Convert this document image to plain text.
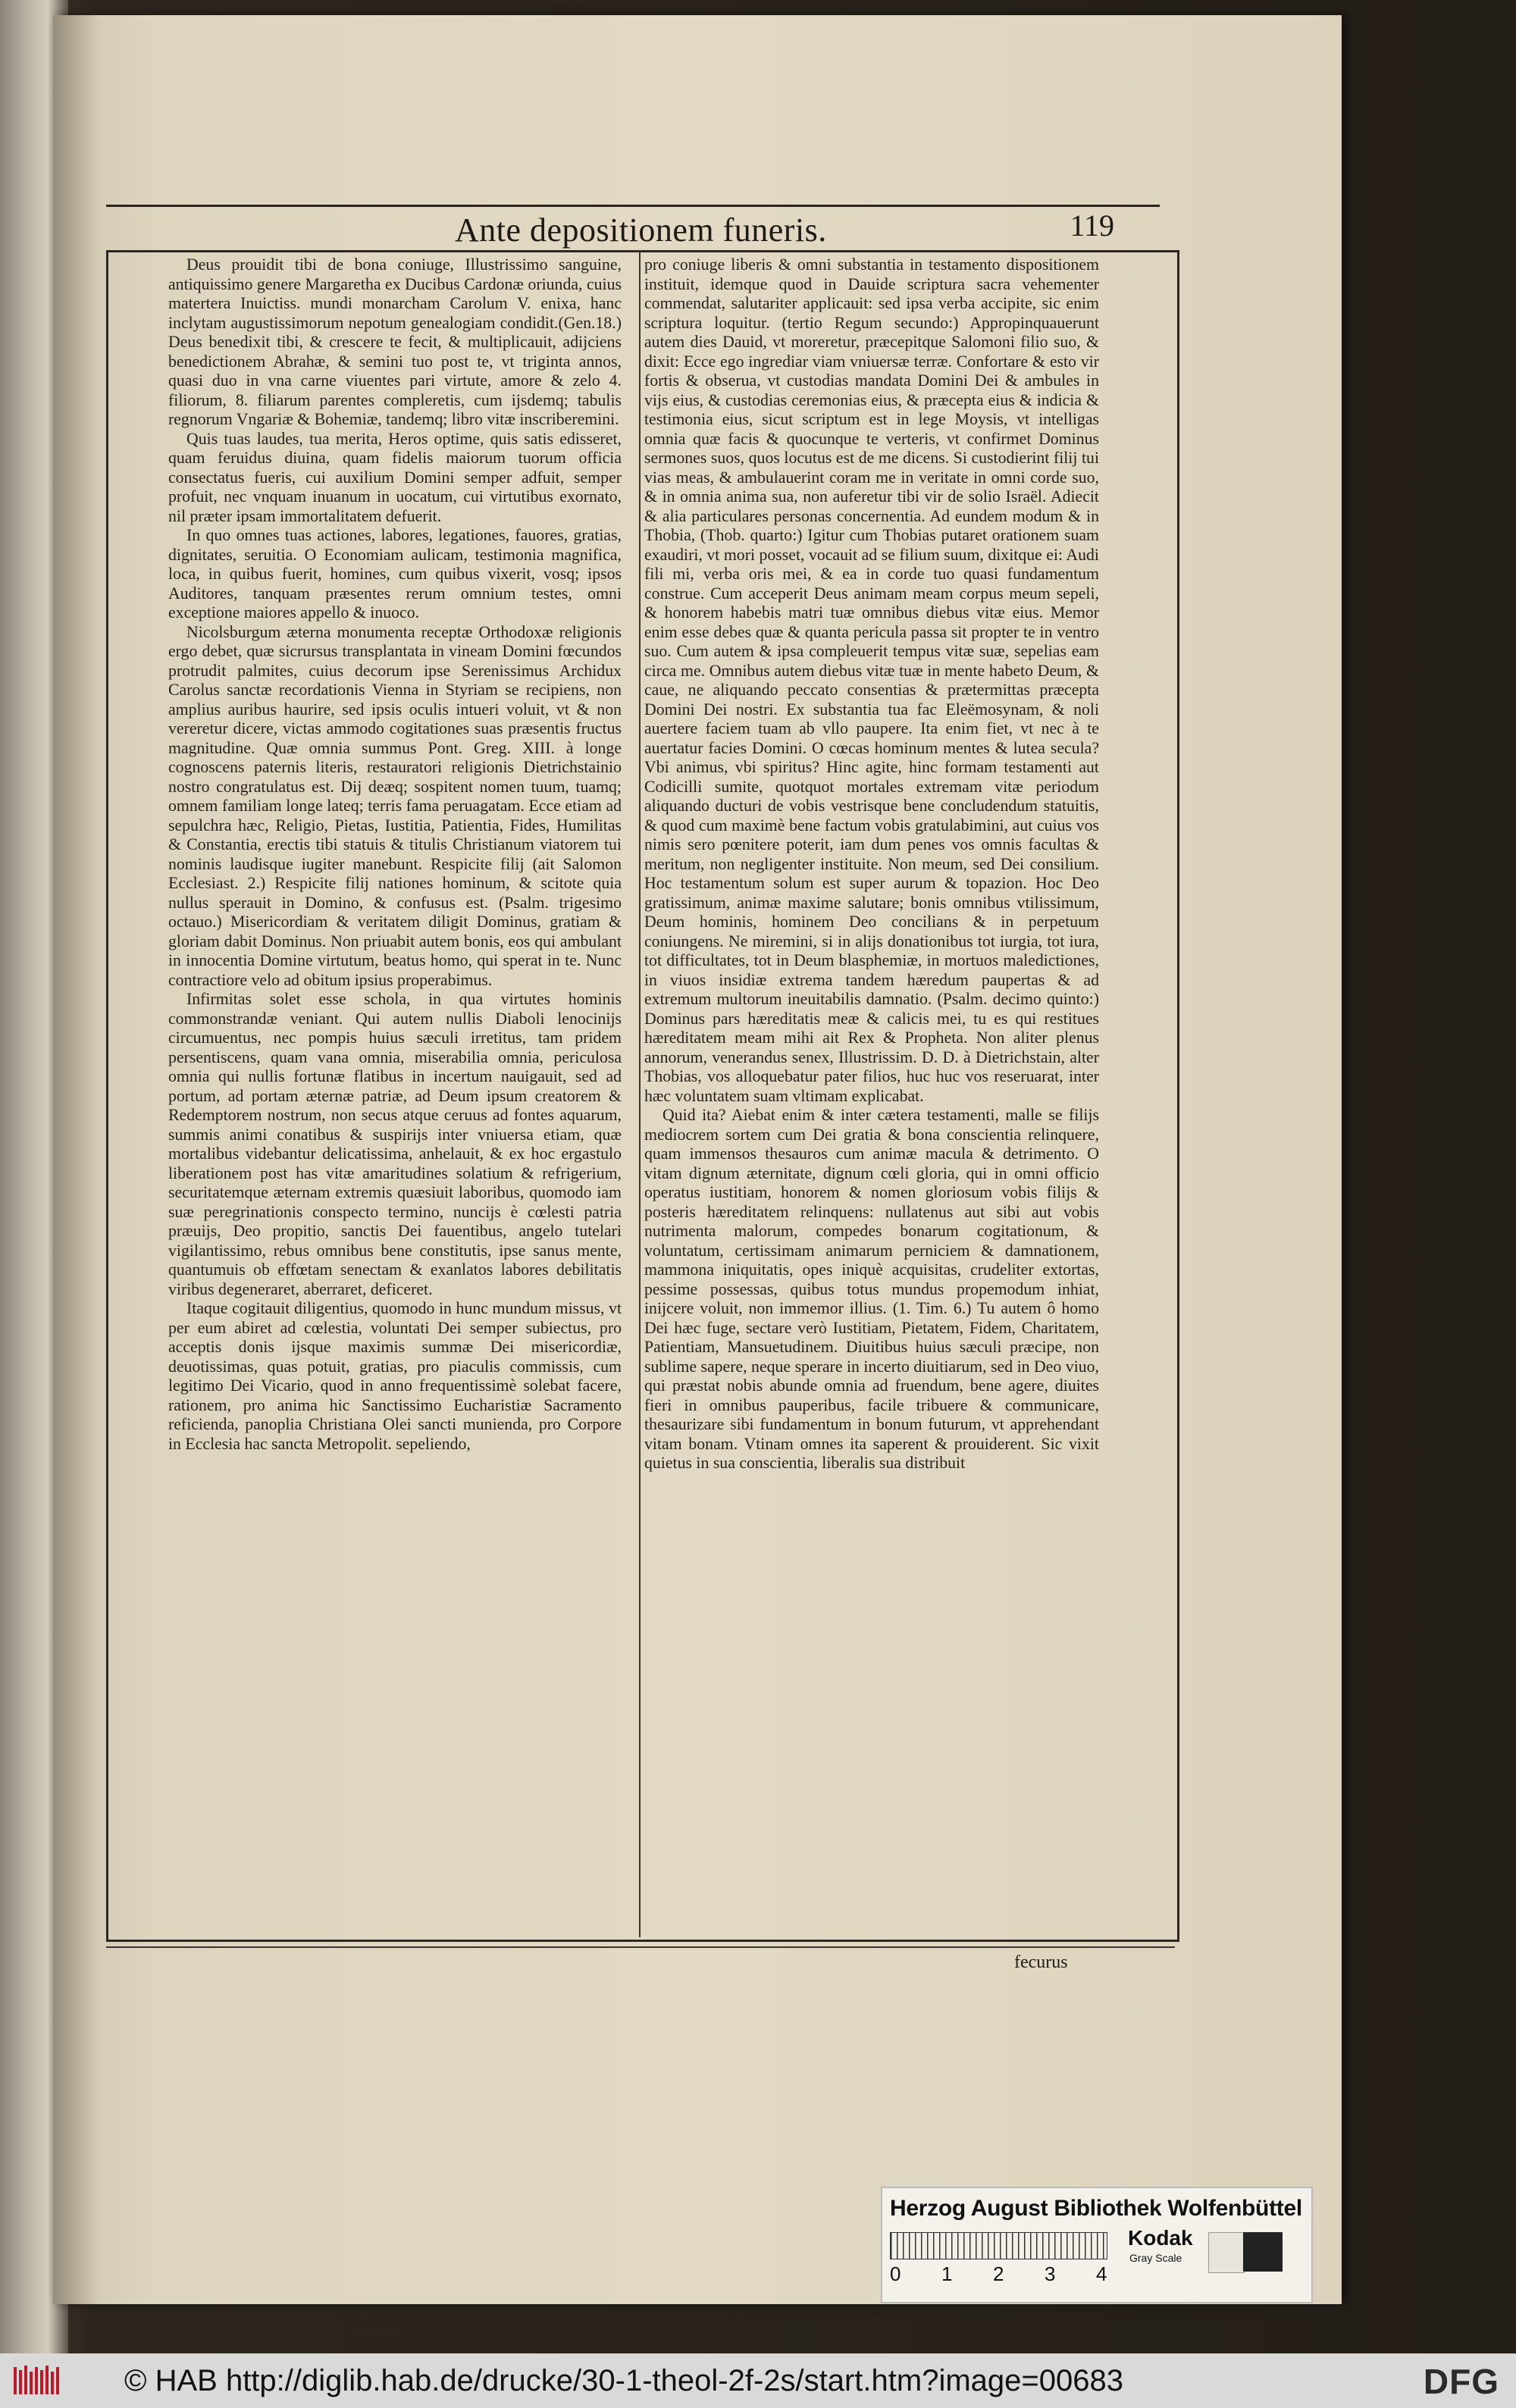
Ante depositionem funeris.	119

Deus prouidit tibi de bona coniuge, Illustrissimo sanguine, antiquissimo genere Margaretha ex Ducibus Cardonæ oriunda, cuius matertera Inuictiss. mundi monarcham Carolum V. enixa, hanc inclytam augustissimorum nepotum genealogiam condidit.(Gen.18.) Deus benedixit tibi, & crescere te fecit, & multiplicauit, adijciens benedictionem Abrahæ, & semini tuo post te, vt triginta annos, quasi duo in vna carne viuentes pari virtute, amore & zelo 4. filiorum, 8. filiarum parentes compleretis, cum ijsdemq; tabulis regnorum Vngariæ & Bohemiæ, tandemq; libro vitæ inscriberemini.

Quis tuas laudes, tua merita, Heros optime, quis satis edisseret, quam feruidus diuina, quam fidelis maiorum tuorum officia consectatus fueris, cui auxilium Domini semper adfuit, semper profuit, nec vnquam inuanum in uocatum, cui virtutibus exornato, nil præter ipsam immortalitatem defuerit.

In quo omnes tuas actiones, labores, legationes, fauores, gratias, dignitates, seruitia. O Economiam aulicam, testimonia magnifica, loca, in quibus fuerit, homines, cum quibus vixerit, vosq; ipsos Auditores, tanquam præsentes rerum omnium testes, omni exceptione maiores appello & inuoco.

Nicolsburgum æterna monumenta receptæ Orthodoxæ religionis ergo debet, quæ sicrursus transplantata in vineam Domini fœcundos protrudit palmites, cuius decorum ipse Serenissimus Archidux Carolus sanctæ recordationis Vienna in Styriam se recipiens, non amplius auribus haurire, sed ipsis oculis intueri voluit, vt & non vereretur dicere, victas ammodo cogitationes suas præsentis fructus magnitudine. Quæ omnia summus Pont. Greg. XIII. à longe cognoscens paternis literis, restauratori religionis Dietrichstainio nostro congratulatus est. Dij deæq; sospitent nomen tuum, tuamq; omnem familiam longe lateq; terris fama peruagatam. Ecce etiam ad sepulchra hæc, Religio, Pietas, Iustitia, Patientia, Fides, Humilitas & Constantia, erectis tibi statuis & titulis Christianum viatorem tui nominis laudisque iugiter manebunt. Respicite filij (ait Salomon Ecclesiast. 2.) Respicite filij nationes hominum, & scitote quia nullus sperauit in Domino, & confusus est. (Psalm. trigesimo octauo.) Misericordiam & veritatem diligit Dominus, gratiam & gloriam dabit Dominus. Non priuabit autem bonis, eos qui ambulant in innocentia Domine virtutum, beatus homo, qui sperat in te. Nunc contractiore velo ad obitum ipsius properabimus.

Infirmitas solet esse schola, in qua virtutes hominis commonstrandæ veniant. Qui autem nullis Diaboli lenocinijs circumuentus, nec pompis huius sæculi irretitus, tam pridem persentiscens, quam vana omnia, miserabilia omnia, periculosa omnia qui nullis fortunæ flatibus in incertum nauigauit, sed ad portum, ad portam æternæ patriæ, ad Deum ipsum creatorem & Redemptorem nostrum, non secus atque ceruus ad fontes aquarum, summis animi conatibus & suspirijs inter vniuersa etiam, quæ mortalibus videbantur delicatissima, anhelauit, & ex hoc ergastulo liberationem post has vitæ amaritudines solatium & refrigerium, securitatemque æternam extremis quæsiuit laboribus, quomodo iam suæ peregrinationis conspecto termino, nuncijs è cœlesti patria præuijs, Deo propitio, sanctis Dei fauentibus, angelo tutelari vigilantissimo, rebus omnibus bene constitutis, ipse sanus mente, quantumuis ob effœtam senectam & exanlatos labores debilitatis viribus degeneraret, aberraret, deficeret.

Itaque cogitauit diligentius, quomodo in hunc mundum missus, vt per eum abiret ad cœlestia, voluntati Dei semper subiectus, pro acceptis donis ijsque maximis summæ Dei misericordiæ, deuotissimas, quas potuit, gratias, pro piaculis commissis, cum legitimo Dei Vicario, quod in anno frequentissimè solebat facere, rationem, pro anima hic Sanctissimo Eucharistiæ Sacramento reficienda, panoplia Christiana Olei sancti munienda, pro Corpore in Ecclesia hac sancta Metropolit. sepeliendo,

pro coniuge liberis & omni substantia in testamento dispositionem instituit, idemque quod in Dauide scriptura sacra vehementer commendat, salutariter applicauit: sed ipsa verba accipite, sic enim scriptura loquitur. (tertio Regum secundo:) Appropinquauerunt autem dies Dauid, vt moreretur, præcepitque Salomoni filio suo, & dixit: Ecce ego ingrediar viam vniuersæ terræ. Confortare & esto vir fortis & obserua, vt custodias mandata Domini Dei & ambules in vijs eius, & custodias ceremonias eius, & præcepta eius & indicia & testimonia eius, sicut scriptum est in lege Moysis, vt intelligas omnia quæ facis & quocunque te verteris, vt confirmet Dominus sermones suos, quos locutus est de me dicens. Si custodierint filij tui vias meas, & ambulauerint coram me in veritate in omni corde suo, & in omnia anima sua, non auferetur tibi vir de solio Israël. Adiecit & alia particulares personas concernentia. Ad eundem modum & in Thobia, (Thob. quarto:) Igitur cum Thobias putaret orationem suam exaudiri, vt mori posset, vocauit ad se filium suum, dixitque ei: Audi fili mi, verba oris mei, & ea in corde tuo quasi fundamentum construe. Cum acceperit Deus animam meam corpus meum sepeli, & honorem habebis matri tuæ omnibus diebus vitæ eius. Memor enim esse debes quæ & quanta pericula passa sit propter te in ventro suo. Cum autem & ipsa compleuerit tempus vitæ suæ, sepelias eam circa me. Omnibus autem diebus vitæ tuæ in mente habeto Deum, & caue, ne aliquando peccato consentias & prætermittas præcepta Domini Dei nostri. Ex substantia tua fac Eleëmosynam, & noli auertere faciem tuam ab vllo paupere. Ita enim fiet, vt nec à te auertatur facies Domini. O cœcas hominum mentes & lutea secula? Vbi animus, vbi spiritus? Hinc agite, hinc formam testamenti aut Codicilli sumite, quotquot mortales extremam vitæ periodum aliquando ducturi de vobis vestrisque bene concludendum statuitis, & quod cum maximè bene factum vobis gratulabimini, aut cuius vos nimis sero pœnitere poterit, iam dum penes vos omnis facultas & meritum, non negligenter instituite. Non meum, sed Dei consilium. Hoc testamentum solum est super aurum & topazion. Hoc Deo gratissimum, animæ maxime salutare; bonis omnibus vtilissimum, Deum hominis, hominem Deo concilians & in perpetuum coniungens. Ne miremini, si in alijs donationibus tot iurgia, tot iura, tot difficultates, tot in Deum blasphemiæ, in mortuos maledictiones, in viuos insidiæ extrema tandem hæredum paupertas & ad extremum multorum ineuitabilis damnatio. (Psalm. decimo quinto:) Dominus pars hæreditatis meæ & calicis mei, tu es qui restitues hæreditatem meam mihi ait Rex & Propheta. Non aliter plenus annorum, venerandus senex, Illustrissim. D. D. à Dietrichstain, alter Thobias, vos alloquebatur pater filios, huc huc vos reseruarat, inter hæc voluntatem suam vltimam explicabat.

Quid ita? Aiebat enim & inter cætera testamenti, malle se filijs mediocrem sortem cum Dei gratia & bona conscientia relinquere, quam immensos thesauros cum animæ macula & detrimento. O vitam dignum æternitate, dignum cœli gloria, qui in omni officio operatus iustitiam, honorem & nomen gloriosum vobis filijs & posteris hæreditatem relinquens: nullatenus aut sibi aut vobis nutrimenta malorum, compedes bonarum cogitationum, & voluntatum, certissimam animarum perniciem & damnationem, mammona iniquitatis, opes iniquè acquisitas, crudeliter extortas, pessime possessas, quibus totus mundus propemodum inhiat, inijcere voluit, non immemor illius. (1. Tim. 6.) Tu autem ô homo Dei hæc fuge, sectare verò Iustitiam, Pietatem, Fidem, Charitatem, Patientiam, Mansuetudinem. Diuitibus huius sæculi præcipe, non sublime sapere, neque sperare in incerto diuitiarum, sed in Deo viuo, qui præstat nobis abunde omnia ad fruendum, bene agere, diuites fieri in omnibus pauperibus, facile tribuere & communicare, thesaurizare sibi fundamentum in bonum futurum, vt apprehendant vitam bonam. Vtinam omnes ita saperent & prouiderent. Sic vixit quietus in sua conscientia, liberalis sua distribuit

fecurus
Herzog August Bibliothek Wolfenbüttel
0 1 2 3 4
Kodak
Gray Scale
© HAB http://diglib.hab.de/drucke/30-1-theol-2f-2s/start.htm?image=00683	DFG
